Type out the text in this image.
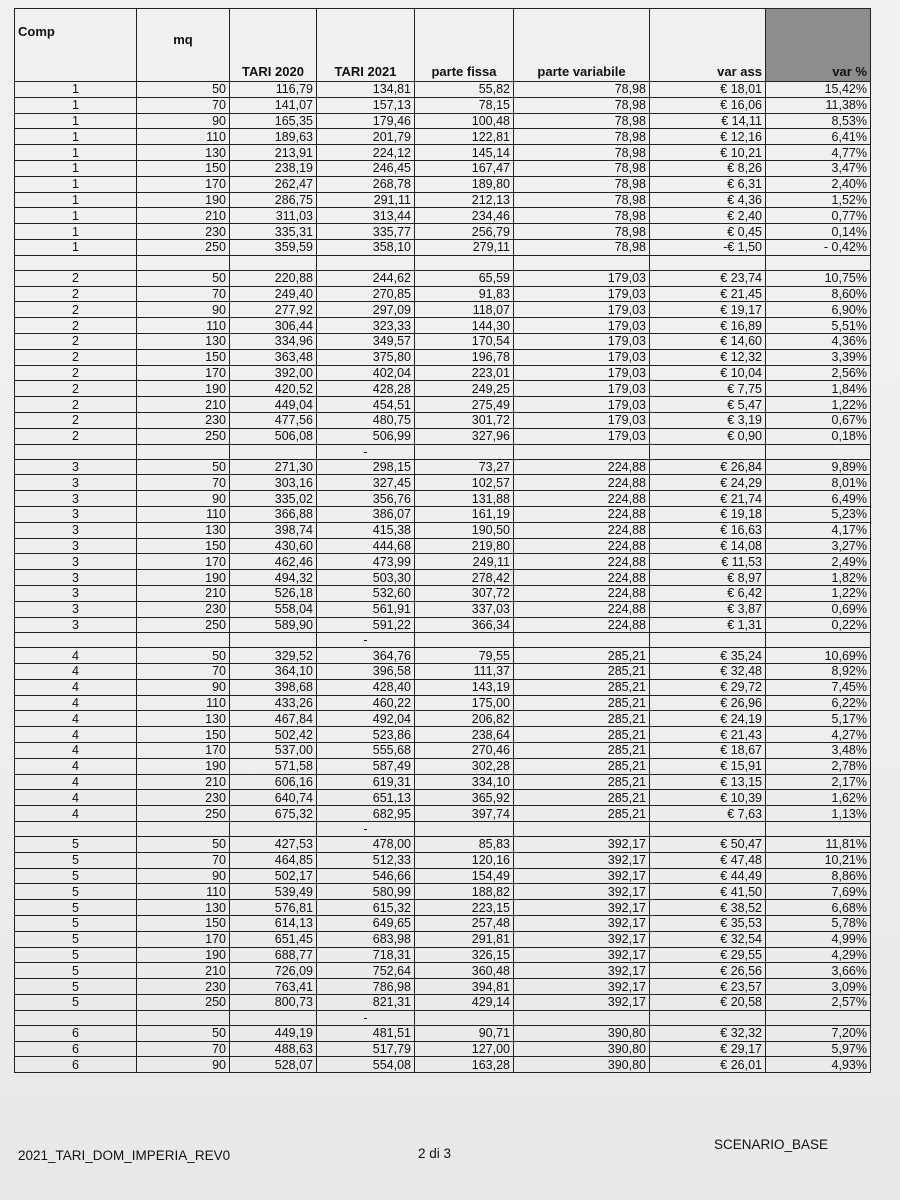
Comp	mq	TARI 2020	TARI 2021	parte fissa	parte variabile	var ass	var %
1	50	116,79	134,81	55,82	78,98	€ 18,01	15,42%
1	70	141,07	157,13	78,15	78,98	€ 16,06	11,38%
1	90	165,35	179,46	100,48	78,98	€ 14,11	8,53%
1	110	189,63	201,79	122,81	78,98	€ 12,16	6,41%
1	130	213,91	224,12	145,14	78,98	€ 10,21	4,77%
1	150	238,19	246,45	167,47	78,98	€ 8,26	3,47%
1	170	262,47	268,78	189,80	78,98	€ 6,31	2,40%
1	190	286,75	291,11	212,13	78,98	€ 4,36	1,52%
1	210	311,03	313,44	234,46	78,98	€ 2,40	0,77%
1	230	335,31	335,77	256,79	78,98	€ 0,45	0,14%
1	250	359,59	358,10	279,11	78,98	-€ 1,50	- 0,42%

2	50	220,88	244,62	65,59	179,03	€ 23,74	10,75%
2	70	249,40	270,85	91,83	179,03	€ 21,45	8,60%
2	90	277,92	297,09	118,07	179,03	€ 19,17	6,90%
2	110	306,44	323,33	144,30	179,03	€ 16,89	5,51%
2	130	334,96	349,57	170,54	179,03	€ 14,60	4,36%
2	150	363,48	375,80	196,78	179,03	€ 12,32	3,39%
2	170	392,00	402,04	223,01	179,03	€ 10,04	2,56%
2	190	420,52	428,28	249,25	179,03	€ 7,75	1,84%
2	210	449,04	454,51	275,49	179,03	€ 5,47	1,22%
2	230	477,56	480,75	301,72	179,03	€ 3,19	0,67%
2	250	506,08	506,99	327,96	179,03	€ 0,90	0,18%
			-				
3	50	271,30	298,15	73,27	224,88	€ 26,84	9,89%
3	70	303,16	327,45	102,57	224,88	€ 24,29	8,01%
3	90	335,02	356,76	131,88	224,88	€ 21,74	6,49%
3	110	366,88	386,07	161,19	224,88	€ 19,18	5,23%
3	130	398,74	415,38	190,50	224,88	€ 16,63	4,17%
3	150	430,60	444,68	219,80	224,88	€ 14,08	3,27%
3	170	462,46	473,99	249,11	224,88	€ 11,53	2,49%
3	190	494,32	503,30	278,42	224,88	€ 8,97	1,82%
3	210	526,18	532,60	307,72	224,88	€ 6,42	1,22%
3	230	558,04	561,91	337,03	224,88	€ 3,87	0,69%
3	250	589,90	591,22	366,34	224,88	€ 1,31	0,22%
			-				
4	50	329,52	364,76	79,55	285,21	€ 35,24	10,69%
4	70	364,10	396,58	111,37	285,21	€ 32,48	8,92%
4	90	398,68	428,40	143,19	285,21	€ 29,72	7,45%
4	110	433,26	460,22	175,00	285,21	€ 26,96	6,22%
4	130	467,84	492,04	206,82	285,21	€ 24,19	5,17%
4	150	502,42	523,86	238,64	285,21	€ 21,43	4,27%
4	170	537,00	555,68	270,46	285,21	€ 18,67	3,48%
4	190	571,58	587,49	302,28	285,21	€ 15,91	2,78%
4	210	606,16	619,31	334,10	285,21	€ 13,15	2,17%
4	230	640,74	651,13	365,92	285,21	€ 10,39	1,62%
4	250	675,32	682,95	397,74	285,21	€ 7,63	1,13%
			-				
5	50	427,53	478,00	85,83	392,17	€ 50,47	11,81%
5	70	464,85	512,33	120,16	392,17	€ 47,48	10,21%
5	90	502,17	546,66	154,49	392,17	€ 44,49	8,86%
5	110	539,49	580,99	188,82	392,17	€ 41,50	7,69%
5	130	576,81	615,32	223,15	392,17	€ 38,52	6,68%
5	150	614,13	649,65	257,48	392,17	€ 35,53	5,78%
5	170	651,45	683,98	291,81	392,17	€ 32,54	4,99%
5	190	688,77	718,31	326,15	392,17	€ 29,55	4,29%
5	210	726,09	752,64	360,48	392,17	€ 26,56	3,66%
5	230	763,41	786,98	394,81	392,17	€ 23,57	3,09%
5	250	800,73	821,31	429,14	392,17	€ 20,58	2,57%
			-				
6	50	449,19	481,51	90,71	390,80	€ 32,32	7,20%
6	70	488,63	517,79	127,00	390,80	€ 29,17	5,97%
6	90	528,07	554,08	163,28	390,80	€ 26,01	4,93%
2021_TARI_DOM_IMPERIA_REV0	2 di 3
SCENARIO_BASE
